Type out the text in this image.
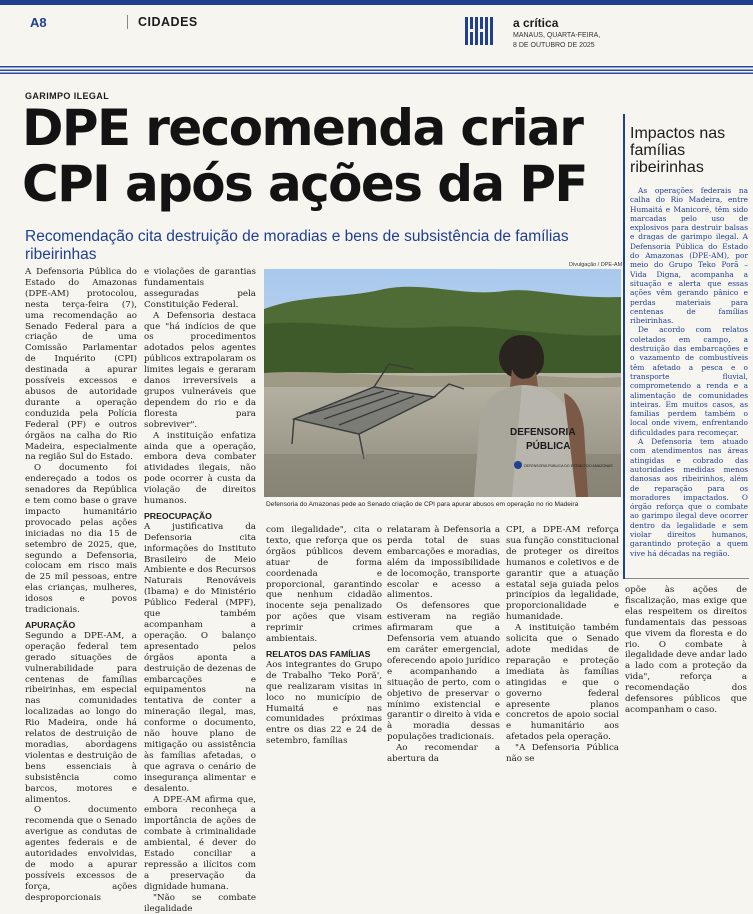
A8	CIDADES	a crítica
MANAUS, QUARTA-FEIRA,
8 DE OUTUBRO DE 2025
GARIMPO ILEGAL
DPE recomenda criar
CPI após ações da PF
Recomendação cita destruição de moradias e bens de subsistência de famílias ribeirinhas

A Defensoria Pública do Estado do Amazonas (DPE-AM) protocolou, nesta terça-feira (7), uma recomendação ao Senado Federal para a criação de uma Comissão Parlamentar de Inquérito (CPI) destinada a apurar possíveis excessos e abusos de autoridade durante a operação conduzida pela Polícia Federal (PF) e outros órgãos na calha do Rio Madeira, especialmente na região Sul do Estado.

O documento foi endereçado a todos os senadores da República e tem como base o grave impacto humanitário provocado pelas ações iniciadas no dia 15 de setembro de 2025, que, segundo a Defensoria, colocam em risco mais de 25 mil pessoas, entre elas crianças, mulheres, idosos e povos tradicionais.

APURAÇÃO

Segundo a DPE-AM, a operação federal tem gerado situações de vulnerabilidade para centenas de famílias ribeirinhas, em especial nas comunidades localizadas ao longo do Rio Madeira, onde há relatos de destruição de moradias, abordagens violentas e destruição de bens essenciais à subsistência como barcos, motores e alimentos.

O documento recomenda que o Senado averigue as condutas de agentes federais e de autoridades envolvidas, de modo a apurar possíveis excessos de força, ações desproporcionais

e violações de garantias fundamentais asseguradas pela Constituição Federal.

A Defensoria destaca que "há indícios de que os procedimentos adotados pelos agentes públicos extrapolaram os limites legais e geraram danos irreversíveis a grupos vulneráveis que dependem do rio e da floresta para sobreviver".

A instituição enfatiza ainda que a operação, embora deva combater atividades ilegais, não pode ocorrer à custa da violação de direitos humanos.

PREOCUPAÇÃO

A justificativa da Defensoria cita informações do Instituto Brasileiro de Meio Ambiente e dos Recursos Naturais Renováveis (Ibama) e do Ministério Público Federal (MPF), que também acompanham a operação. O balanço apresentado pelos órgãos aponta a destruição de dezenas de embarcações e equipamentos na tentativa de conter a mineração ilegal, mas, conforme o documento, não houve plano de mitigação ou assistência às famílias afetadas, o que agrava o cenário de insegurança alimentar e desalento.

A DPE-AM afirma que, embora reconheça a importância de ações de combate à criminalidade ambiental, é dever do Estado conciliar a repressão a ilícitos com a preservação da dignidade humana.

"Não se combate ilegalidade

Divulgação / DPE-AM
DEFENSORIA
PÚBLICA
DEFENSORIA PÚBLICA DO ESTADO DO AMAZONAS
Defensoria do Amazonas pede ao Senado criação de CPI para apurar abusos em operação no rio Madeira

com ilegalidade", cita o texto, que reforça que os órgãos públicos devem atuar de forma coordenada e proporcional, garantindo que nenhum cidadão inocente seja penalizado por ações que visam reprimir crimes ambientais.

RELATOS DAS FAMÍLIAS

Aos integrantes do Grupo de Trabalho 'Teko Porã', que realizaram visitas in loco no município de Humaitá e nas comunidades próximas entre os dias 22 e 24 de setembro, famílias

relataram à Defensoria a perda total de suas embarcações e moradias, além da impossibilidade de locomoção, transporte escolar e acesso a alimentos.

Os defensores que estiveram na região afirmaram que a Defensoria vem atuando em caráter emergencial, oferecendo apoio jurídico e acompanhando a situação de perto, com o objetivo de preservar o mínimo existencial e garantir o direito à vida e à moradia dessas populações tradicionais.

Ao recomendar a abertura da

CPI, a DPE-AM reforça sua função constitucional de proteger os direitos humanos e coletivos e de garantir que a atuação estatal seja guiada pelos princípios da legalidade, proporcionalidade e humanidade.

A instituição também solicita que o Senado adote medidas de reparação e proteção imediata às famílias atingidas e que o governo federal apresente planos concretos de apoio social e humanitário aos afetados pela operação.

"A Defensoria Pública não se

opõe às ações de fiscalização, mas exige que elas respeitem os direitos fundamentais das pessoas que vivem da floresta e do rio. O combate à ilegalidade deve andar lado a lado com a proteção da vida", reforça a recomendação dos defensores públicos que acompanham o caso.

Impactos nas famílias ribeirinhas

As operações federais na calha do Rio Madeira, entre Humaitá e Manicoré, têm sido marcadas pelo uso de explosivos para destruir balsas e dragas de garimpo ilegal. A Defensoria Pública do Estado do Amazonas (DPE-AM), por meio do Grupo Teko Porã – Vida Digna, acompanha a situação e alerta que essas ações vêm gerando pânico e perdas materiais para centenas de famílias ribeirinhas.

De acordo com relatos coletados em campo, a destruição das embarcações e o vazamento de combustíveis têm afetado a pesca e o transporte fluvial, comprometendo a renda e a alimentação de comunidades inteiras. Em muitos casos, as famílias perdem também o local onde vivem, enfrentando dificuldades para recomeçar.

A Defensoria tem atuado com atendimentos nas áreas atingidas e cobrado das autoridades medidas menos danosas aos ribeirinhos, além de reparação para os moradores impactados. O órgão reforça que o combate ao garimpo ilegal deve ocorrer dentro da legalidade e sem violar direitos humanos, garantindo proteção a quem vive há décadas na região.
